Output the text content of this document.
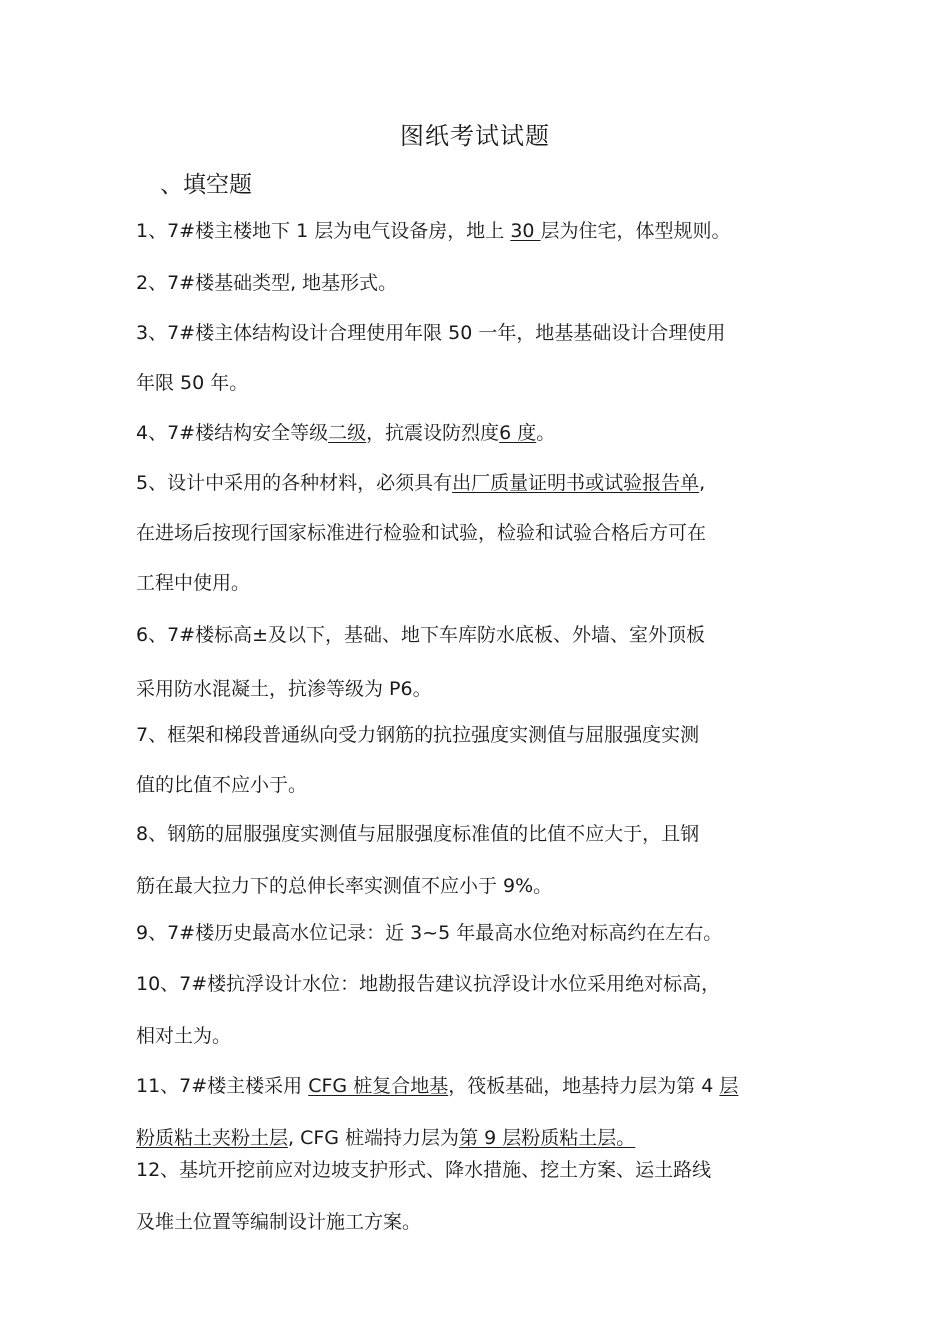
图纸考试试题
、填空题
1、7#楼主楼地下 1 层为电气设备房，地上 30 层为住宅，体型规则。
2、7#楼基础类型, 地基形式。
3、7#楼主体结构设计合理使用年限 50 一年，地基基础设计合理使用
年限 50 年。
4、7#楼结构安全等级二级，抗震设防烈度6 度。
5、设计中采用的各种材料，必须具有出厂质量证明书或试验报告单,
在进场后按现行国家标准进行检验和试验，检验和试验合格后方可在
工程中使用。
6、7#楼标高±及以下，基础、地下车库防水底板、外墙、室外顶板
采用防水混凝土，抗渗等级为 P6。
7、框架和梯段普通纵向受力钢筋的抗拉强度实测值与屈服强度实测
值的比值不应小于。
8、钢筋的屈服强度实测值与屈服强度标准值的比值不应大于，且钢
筋在最大拉力下的总伸长率实测值不应小于 9%。
9、7#楼历史最高水位记录：近 3~5 年最高水位绝对标高约在左右。
10、7#楼抗浮设计水位：地勘报告建议抗浮设计水位采用绝对标高，
相对土为。
11、7#楼主楼采用 CFG 桩复合地基，筏板基础，地基持力层为第 4 层
粉质粘土夹粉土层, CFG 桩端持力层为第 9 层粉质粘土层。
12、基坑开挖前应对边坡支护形式、降水措施、挖土方案、运土路线
及堆土位置等编制设计施工方案。
